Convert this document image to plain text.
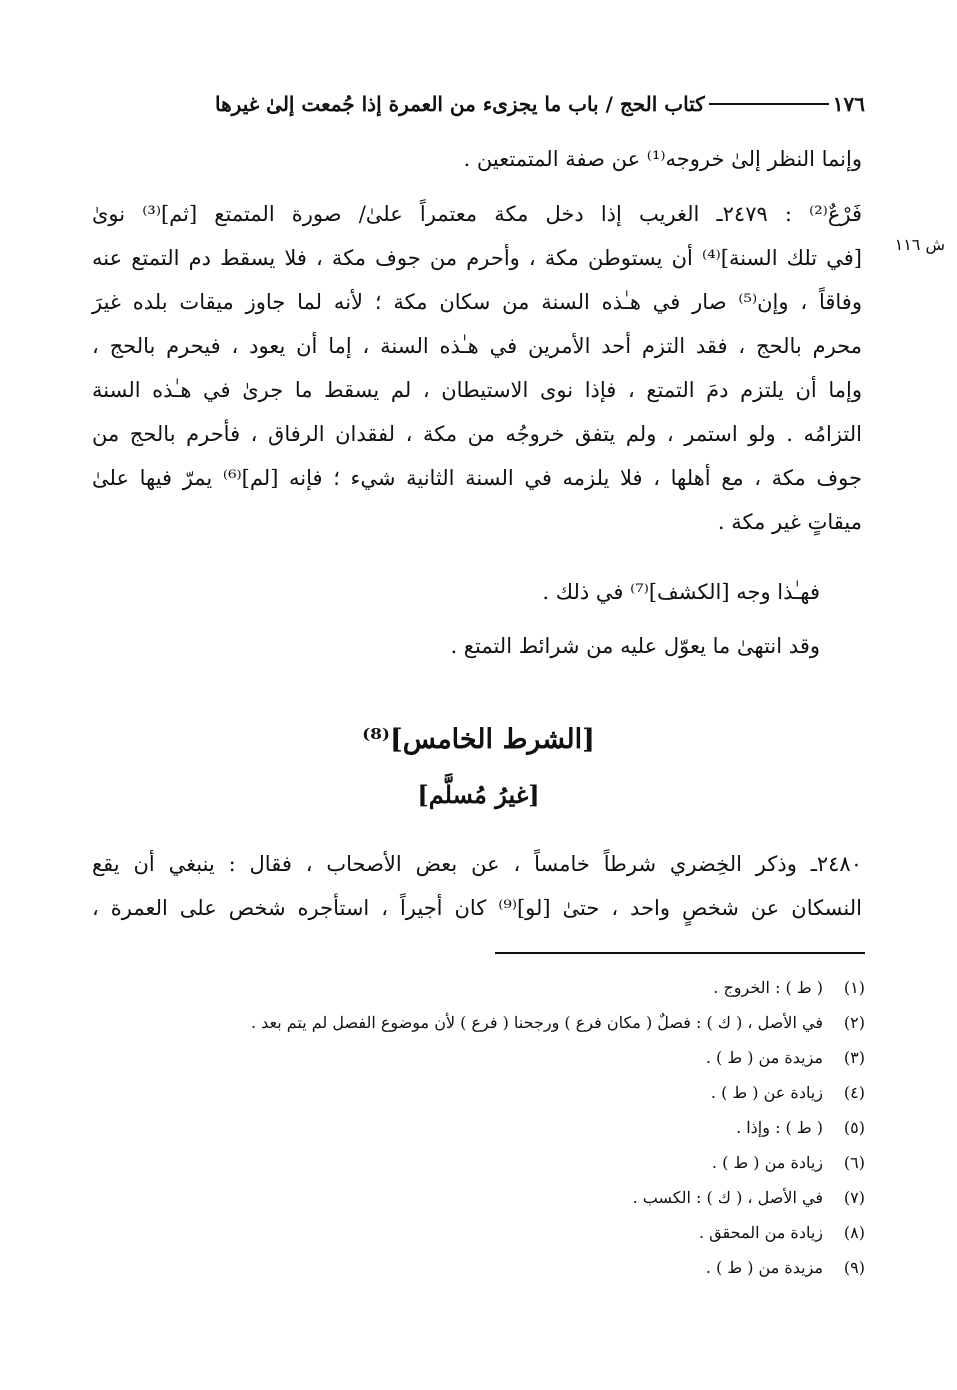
١٧٦
كتاب الحج / باب ما يجزىء من العمرة إذا جُمعت إلىٰ غيرها
ش ١١٦
وإنما النظر إلىٰ خروجه⁽¹⁾ عن صفة المتمتعين .
فَرْعٌ⁽²⁾ : ٢٤٧٩ـ الغريب إذا دخل مكة معتمراً علىٰ/ صورة المتمتع [ثم]⁽³⁾ نوىٰ
[في تلك السنة]⁽⁴⁾ أن يستوطن مكة ، وأحرم من جوف مكة ، فلا يسقط دم التمتع عنه
وفاقاً ، وإن⁽⁵⁾ صار في هـٰذه السنة من سكان مكة ؛ لأنه لما جاوز ميقات بلده غيرَ
محرم بالحج ، فقد التزم أحد الأمرين في هـٰذه السنة ، إما أن يعود ، فيحرم بالحج ،
وإما أن يلتزم دمَ التمتع ، فإذا نوى الاستيطان ، لم يسقط ما جرىٰ في هـٰذه السنة
التزامُه . ولو استمر ، ولم يتفق خروجُه من مكة ، لفقدان الرفاق ، فأحرم بالحج من
جوف مكة ، مع أهلها ، فلا يلزمه في السنة الثانية شيء ؛ فإنه [لم]⁽⁶⁾ يمرّ فيها علىٰ
ميقاتٍ غير مكة .
فهـٰذا وجه [الكشف]⁽⁷⁾ في ذلك .
وقد انتهىٰ ما يعوّل عليه من شرائط التمتع .
[الشرط الخامس]⁽⁸⁾
[غيرُ مُسلَّم]
٢٤٨٠ـ وذكر الخِضري شرطاً خامساً ، عن بعض الأصحاب ، فقال : ينبغي أن يقع
النسكان عن شخصٍ واحد ، حتىٰ [لو]⁽⁹⁾ كان أجيراً ، استأجره شخص على العمرة ،
(١)( ط ) : الخروج .
(٢)في الأصل ، ( ك ) : فصلٌ ( مكان فرع ) ورجحنا ( فرع ) لأن موضوع الفصل لم يتم بعد .
(٣)مزيدة من ( ط ) .
(٤)زيادة عن ( ط ) .
(٥)( ط ) : وإذا .
(٦)زيادة من ( ط ) .
(٧)في الأصل ، ( ك ) : الكسب .
(٨)زيادة من المحقق .
(٩)مزيدة من ( ط ) .
